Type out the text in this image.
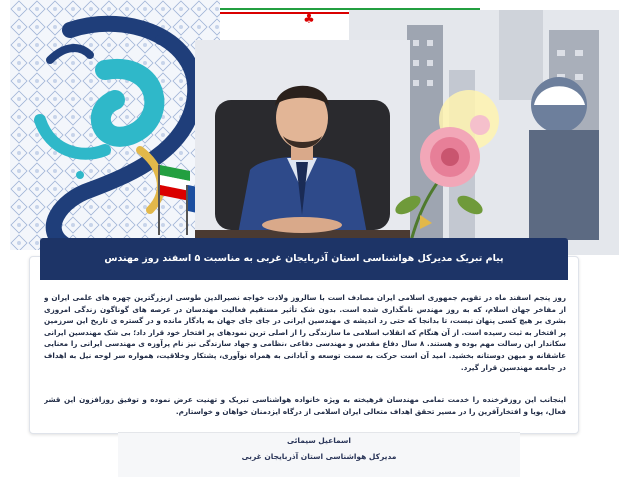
♣
پیام تبریک مدیرکل هواشناسی استان آذربایجان غربی به مناسبت ۵ اسفند روز مهندس

روز پنجم اسفند ماه در تقویم جمهوری اسلامی ایران مصادف است با سالروز ولادت خواجه نصیرالدین طوسی ازبزرگترین چهره های علمی ایران و از مفاخر جهان اسلام، که به روز مهندس نامگذاری شده است. بدون شک تأثیر مستقیم فعالیت مهندسان در عرصه های گوناگون زندگی امروزی بشری بر هیچ کسی پنهان نیست، تا بدانجا که حتی رد اندیشه ی مهندسین ایرانی در جای جای جهان به یادگار مانده و در گستره ی تاریخ این سرزمین پر افتخار به ثبت رسیده است. از آن هنگام که انقلاب اسلامی ما سازندگی را از اصلی ترین نمودهای پر افتخار خود قرار داد؛ بی شک مهندسین ایرانی سکاندار این رسالت مهم بوده و هستند. ۸ سال دفاع مقدس و مهندسی دفاعی ،نظامی و جهاد سازندگی نیز نام پرآوزه ی مهندسی ایرانی را معنایی عاشقانه و میهن دوستانه بخشید. امید آن است حرکت به سمت توسعه و آبادانی به همراه نوآوری، پشتکار وخلاقیت، همواره سر لوحه نیل به اهداف در جامعه مهندسین قرار گیرد.

اینجانب این روزفرخنده را خدمت تمامی مهندسان فرهیخته به ویژه خانواده هواشناسی تبریک و تهنیت عرض نموده و توفیق روزافزون این قشر فعال، پویا و افتخارآفرین را در مسیر تحقق اهداف متعالی ایران اسلامی از درگاه ایزدمنان خواهان و خواستارم.

اسماعیل سیمائی
مدیرکل هواشناسی استان آذربایجان غربی
